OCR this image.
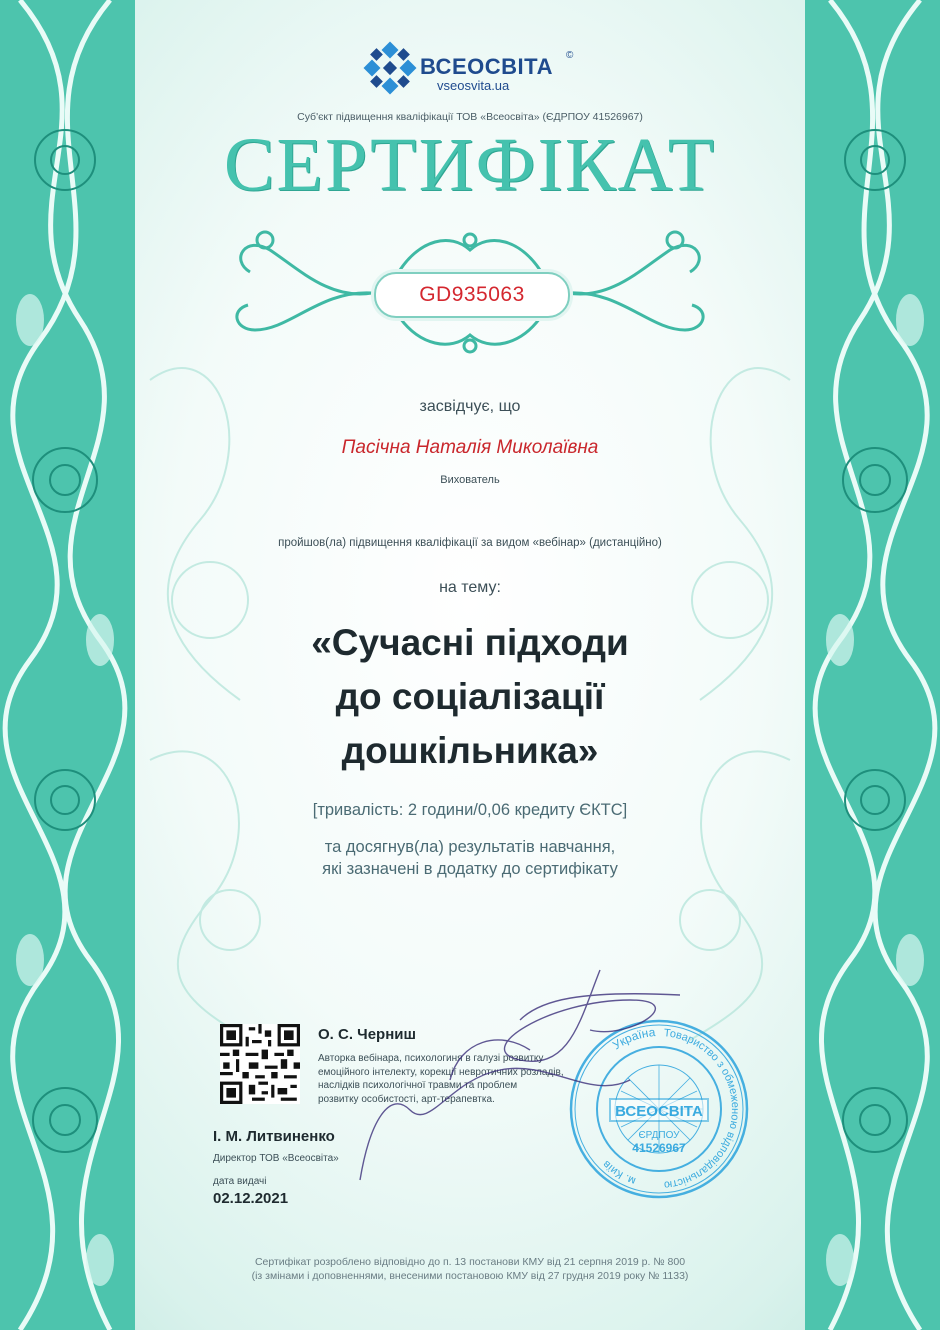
ВСЕОСВІТА ©
vseosvita.ua
Суб'єкт підвищення кваліфікації ТОВ «Всеосвіта» (ЄДРПОУ 41526967)
СЕРТИФІКАТ
GD935063
засвідчує, що
Пасічна Наталія Миколаївна
Вихователь
пройшов(ла) підвищення кваліфікації за видом «вебінар» (дистанційно)
на тему:
«Сучасні підходи
до соціалізації
дошкільника»
[тривалість: 2 години/0,06 кредиту ЄКТС]
та досягнув(ла) результатів навчання,
які зазначені в додатку до сертифікату
О. С. Черниш
Авторка вебінара, психологиня в галузі розвитку
емоційного інтелекту, корекції невротичних розладів,
наслідків психологічної травми та проблем
розвитку особистості, арт-терапевтка.
І. М. Литвиненко
Директор ТОВ «Всеосвіта»
дата видачі
02.12.2021
Україна Товариство з обмеженою відповідальністю
м. Київ
ВСЕОСВІТА
ЄРДПОУ
41526967
Сертифікат розроблено відповідно до п. 13 постанови КМУ від 21 серпня 2019 р. № 800
(із змінами і доповненнями, внесеними постановою КМУ від 27 грудня 2019 року № 1133)
